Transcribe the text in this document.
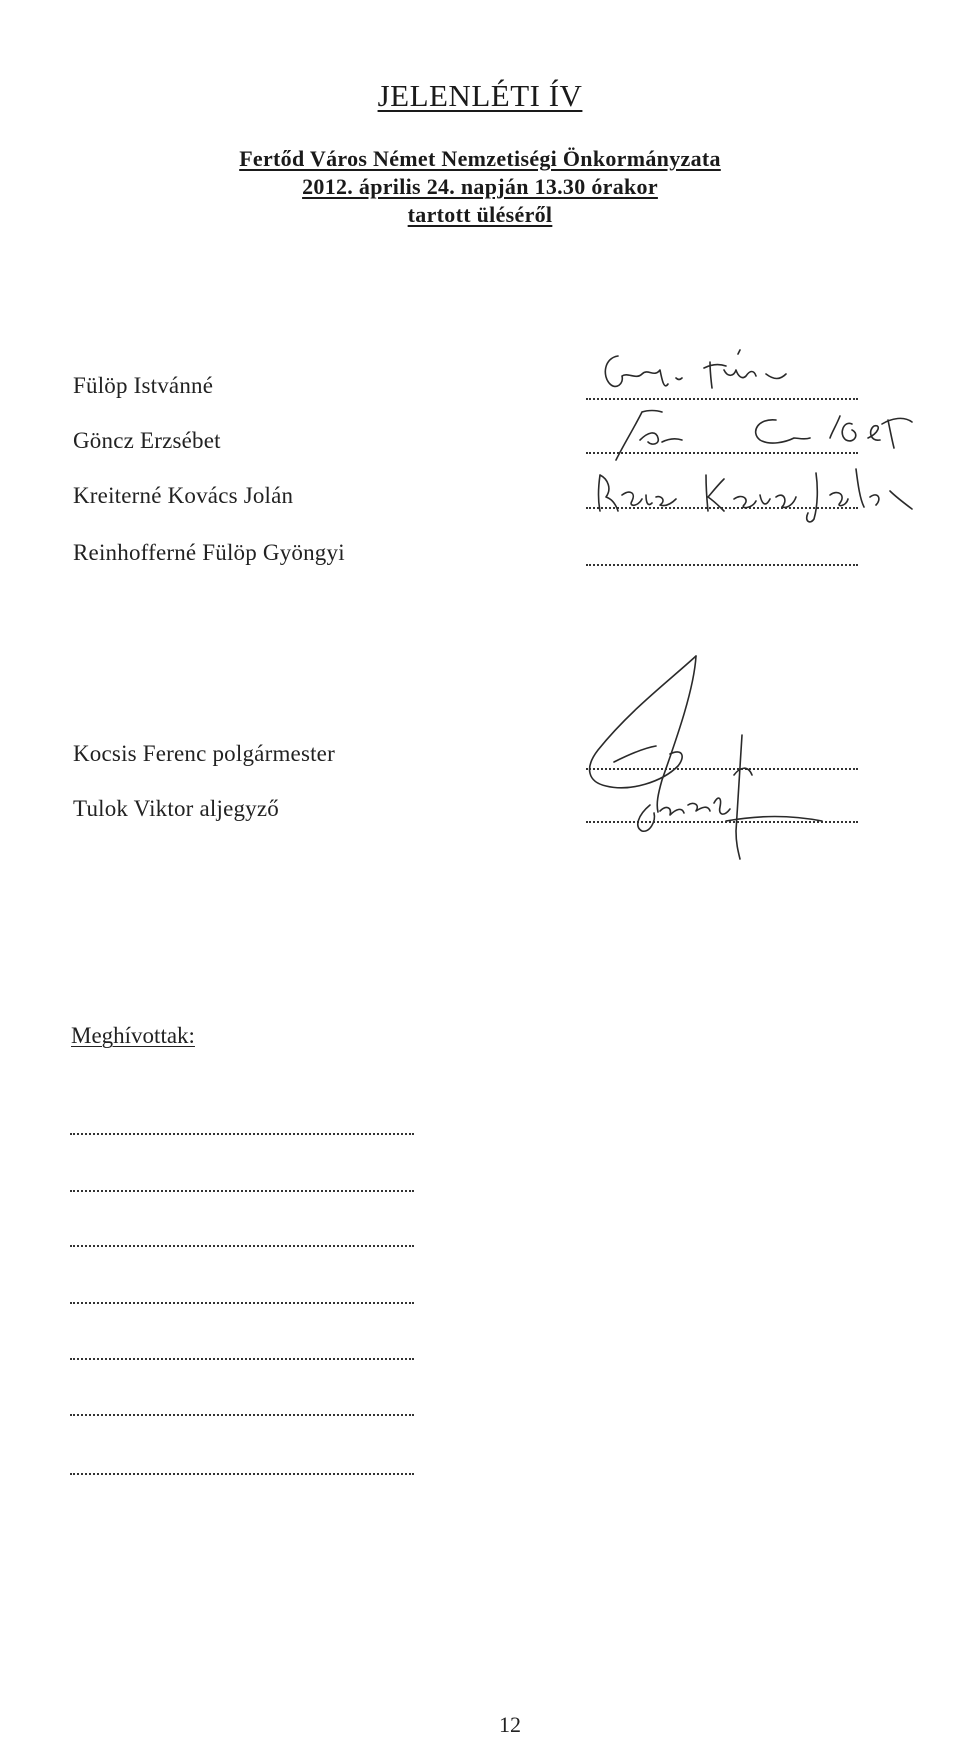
JELENLÉTI ÍV
Fertőd Város Német Nemzetiségi Önkormányzata
2012. április 24. napján 13.30 órakor
tartott üléséről
Fülöp Istvánné
Göncz Erzsébet
Kreiterné Kovács Jolán
Reinhofferné Fülöp Gyöngyi
Kocsis Ferenc polgármester
Tulok Viktor aljegyző
Meghívottak:
12
